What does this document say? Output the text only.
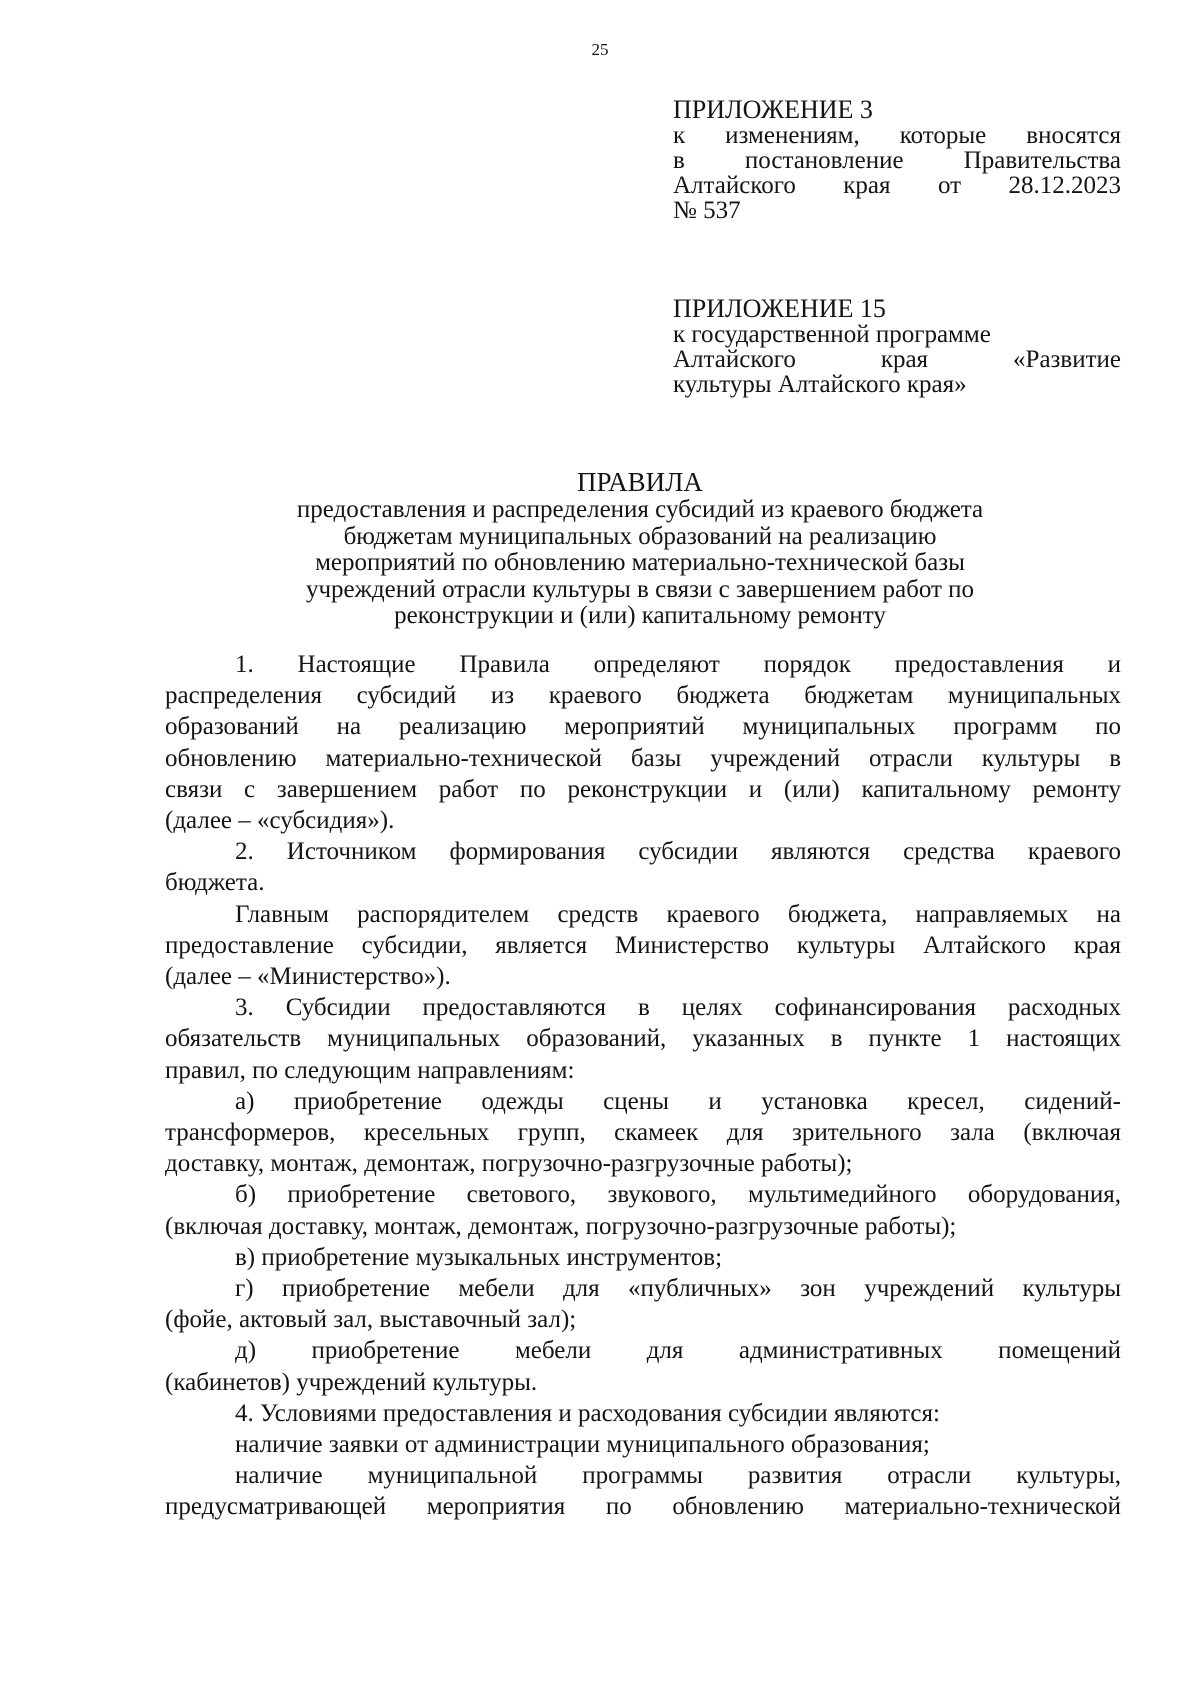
25
ПРИЛОЖЕНИЕ 3
к изменениям, которые вносятся
в постановление Правительства
Алтайского края от 28.12.2023
№ 537
ПРИЛОЖЕНИЕ 15
к государственной программе
Алтайского края «Развитие
культуры Алтайского края»
ПРАВИЛА
предоставления и распределения субсидий из краевого бюджета
бюджетам муниципальных образований на реализацию
мероприятий по обновлению материально-технической базы
учреждений отрасли культуры в связи с завершением работ по
реконструкции и (или) капитальному ремонту
1. Настоящие Правила определяют порядок предоставления и
распределения субсидий из краевого бюджета бюджетам муниципальных
образований на реализацию мероприятий муниципальных программ по
обновлению материально-технической базы учреждений отрасли культуры в
связи с завершением работ по реконструкции и (или) капитальному ремонту
(далее – «субсидия»).
2. Источником формирования субсидии являются средства краевого
бюджета.
Главным распорядителем средств краевого бюджета, направляемых на
предоставление субсидии, является Министерство культуры Алтайского края
(далее – «Министерство»).
3. Субсидии предоставляются в целях софинансирования расходных
обязательств муниципальных образований, указанных в пункте 1 настоящих
правил, по следующим направлениям:
а) приобретение одежды сцены и установка кресел, сидений-
трансформеров, кресельных групп, скамеек для зрительного зала (включая
доставку, монтаж, демонтаж, погрузочно-разгрузочные работы);
б) приобретение светового, звукового, мультимедийного оборудования,
(включая доставку, монтаж, демонтаж, погрузочно-разгрузочные работы);
в) приобретение музыкальных инструментов;
г) приобретение мебели для «публичных» зон учреждений культуры
(фойе, актовый зал, выставочный зал);
д) приобретение мебели для административных помещений
(кабинетов) учреждений культуры.
4. Условиями предоставления и расходования субсидии являются:
наличие заявки от администрации муниципального образования;
наличие муниципальной программы развития отрасли культуры,
предусматривающей мероприятия по обновлению материально-технической
